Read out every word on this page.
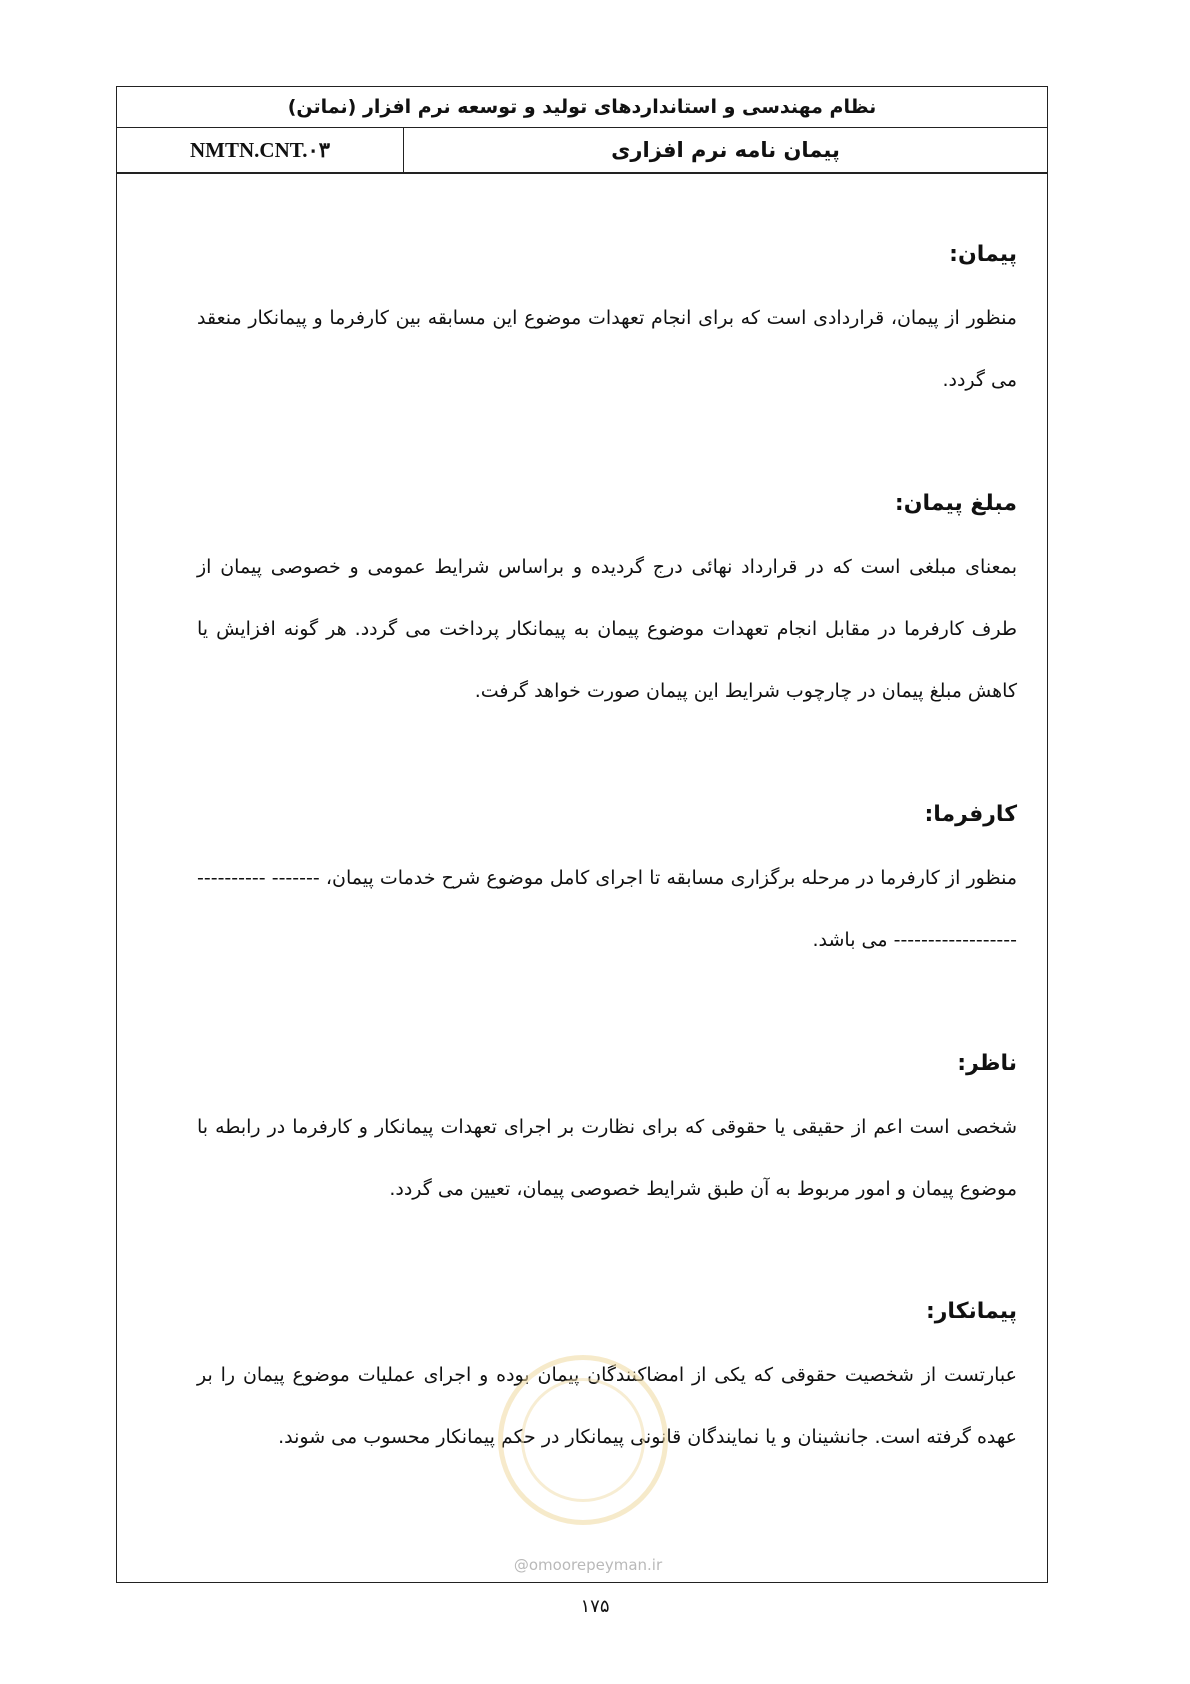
نظام مهندسی و استانداردهای تولید و توسعه نرم افزار (نماتن)
پیمان نامه نرم افزاری
NMTN.CNT.۰۳
پیمان:
منظور از پیمان، قراردادی است که برای انجام تعهدات موضوع این مسابقه بین کارفرما و پیمانکار منعقد می گردد.
مبلغ پیمان:
بمعنای مبلغی است که در قرارداد نهائی درج گردیده و براساس شرایط عمومی و خصوصی پیمان از طرف کارفرما در مقابل انجام تعهدات موضوع پیمان به پیمانکار پرداخت می گردد. هر گونه افزایش یا کاهش مبلغ پیمان در چارچوب شرایط این پیمان صورت خواهد گرفت.
کارفرما:
منظور از کارفرما در مرحله برگزاری مسابقه تا اجرای کامل موضوع شرح خدمات پیمان، ------- ---------------------------- می باشد.
ناظر:
شخصی است اعم از حقیقی یا حقوقی که برای نظارت بر اجرای تعهدات پیمانکار و کارفرما در رابطه با موضوع پیمان و امور مربوط به آن طبق شرایط خصوصی پیمان، تعیین می گردد.
پیمانکار:
عبارتست از شخصیت حقوقی که یکی از امضاکنندگان پیمان بوده و اجرای عملیات موضوع پیمان را بر عهده گرفته است. جانشینان و یا نمایندگان قانونی پیمانکار در حکم پیمانکار محسوب می شوند.
@omoorepeyman.ir
۱۷۵
